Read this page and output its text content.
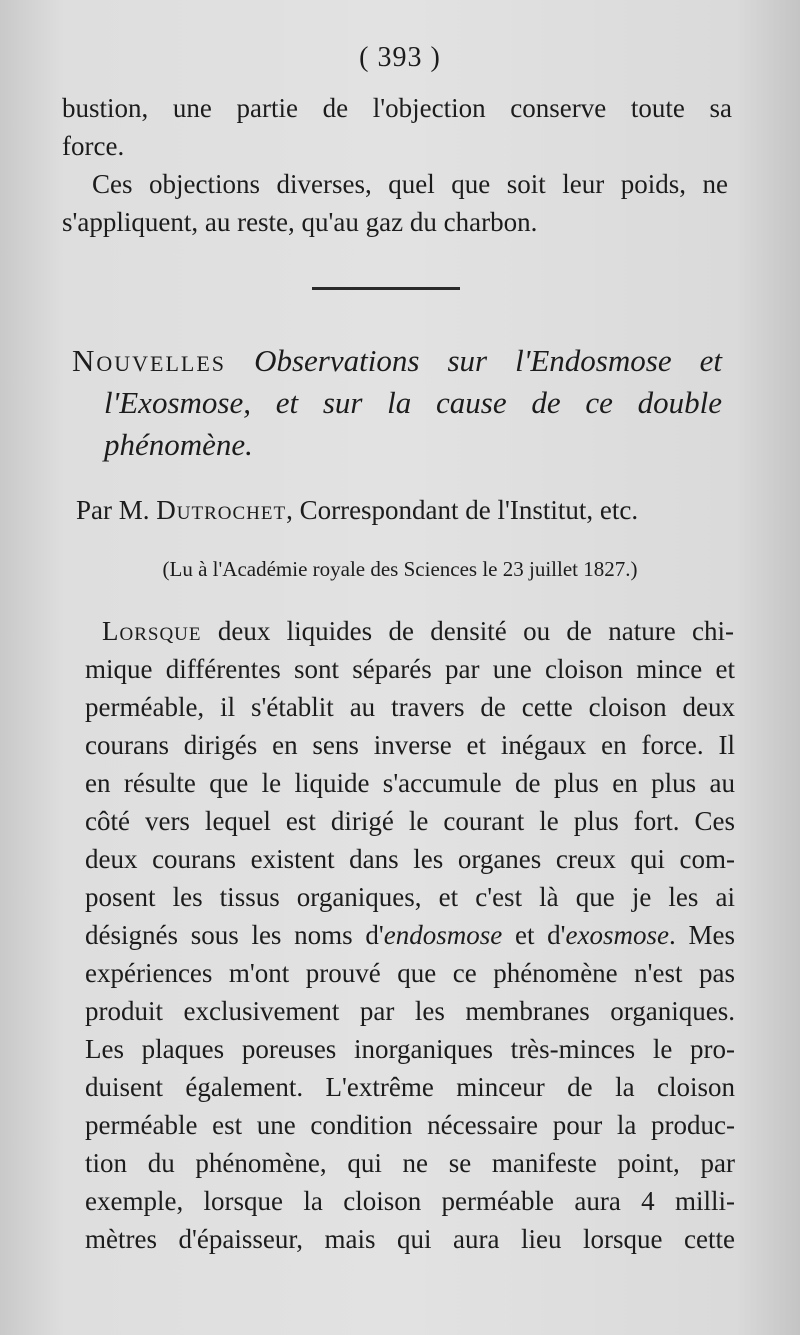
( 393 )
bustion, une partie de l'objection conserve toute sa
force.
Ces objections diverses, quel que soit leur poids, ne
s'appliquent, au reste, qu'au gaz du charbon.
Nouvelles Observations sur l'Endosmose et
l'Exosmose, et sur la cause de ce double
phénomène.
Par M. Dutrochet, Correspondant de l'Institut, etc.
(Lu à l'Académie royale des Sciences le 23 juillet 1827.)
Lorsque deux liquides de densité ou de nature chi-
mique différentes sont séparés par une cloison mince et
perméable, il s'établit au travers de cette cloison deux
courans dirigés en sens inverse et inégaux en force. Il
en résulte que le liquide s'accumule de plus en plus au
côté vers lequel est dirigé le courant le plus fort. Ces
deux courans existent dans les organes creux qui com-
posent les tissus organiques, et c'est là que je les ai
désignés sous les noms d'endosmose et d'exosmose. Mes
expériences m'ont prouvé que ce phénomène n'est pas
produit exclusivement par les membranes organiques.
Les plaques poreuses inorganiques très-minces le pro-
duisent également. L'extrême minceur de la cloison
perméable est une condition nécessaire pour la produc-
tion du phénomène, qui ne se manifeste point, par
exemple, lorsque la cloison perméable aura 4 milli-
mètres d'épaisseur, mais qui aura lieu lorsque cette
